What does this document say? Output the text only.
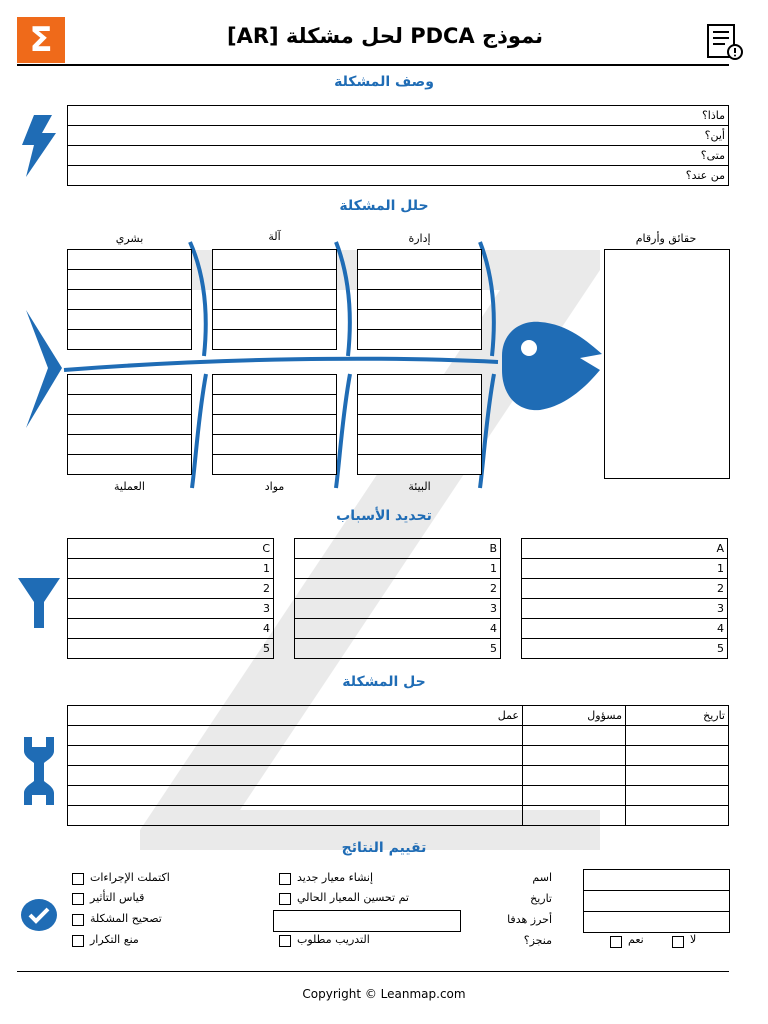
Σ	نموذج PDCA لحل مشكلة [AR]
وصف المشكلة
ماذا؟
أين؟
متى؟
من عند؟
حلل المشكلة
بشري	آلة	إدارة	حقائق وأرقام

العملية	مواد	البيئة
تحديد الأسباب
C
1
2
3
4
5
B
1
2
3
4
5
A
1
2
3
4
5
حل المشكلة
تاريخ	مسؤول	عمل

تقييم النتائج
اكتملت الإجراءات
قياس التأثير
تصحيح المشكلة
منع التكرار
إنشاء معيار جديد
تم تحسين المعيار الحالي
التدريب مطلوب
اسم
تاريخ
أحرز هدفا
منجز؟	نعم	لا
Copyright © Leanmap.com
